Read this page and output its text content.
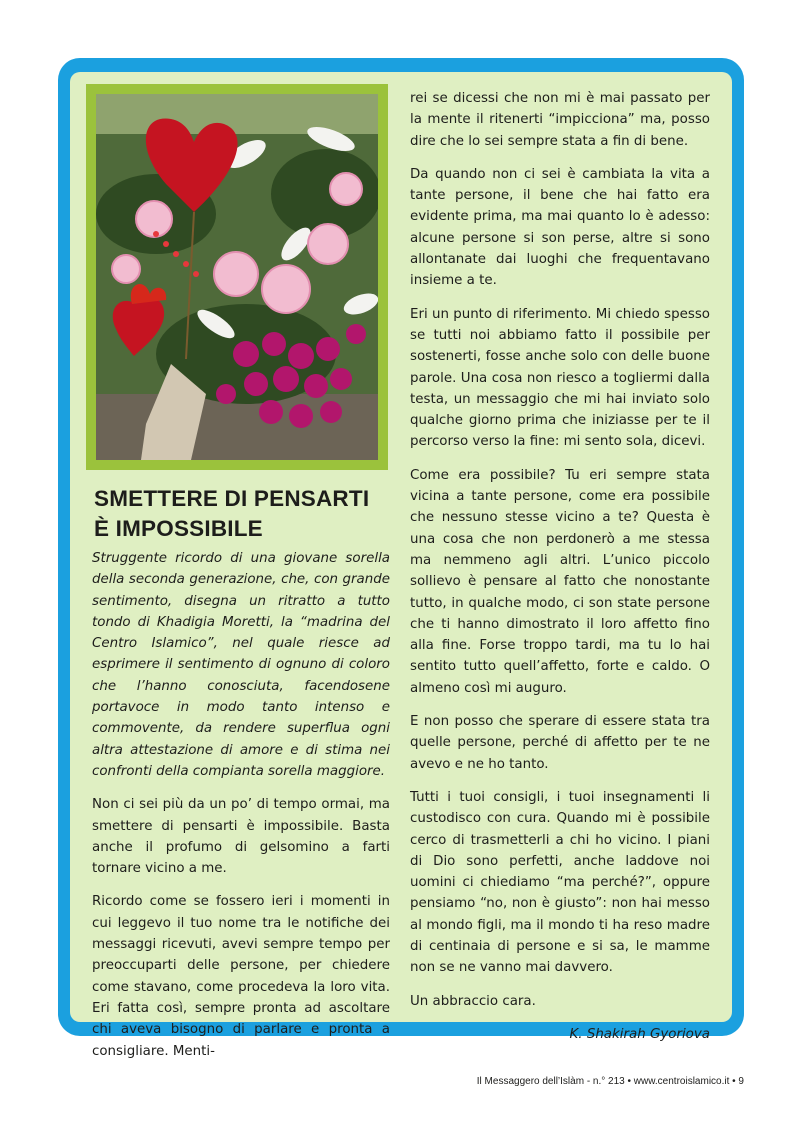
SMETTERE DI PENSARTI
È IMPOSSIBILE

Struggente ricordo di una giovane sorella della seconda generazione, che, con grande sentimento, disegna un ritratto a tutto tondo di Khadigia Moretti, la “madrina del Centro Islamico”, nel quale riesce ad esprimere il sentimento di ognuno di coloro che l’hanno conosciuta, facendosene portavoce in modo tanto intenso e commovente, da rendere superflua ogni altra attestazione di amore e di stima nei confronti della compianta sorella maggiore.

Non ci sei più da un po’ di tempo ormai, ma smettere di pensarti è impossibile. Basta anche il profumo di gelsomino a farti tornare vicino a me.

Ricordo come se fossero ieri i momenti in cui leggevo il tuo nome tra le notifiche dei messaggi ricevuti, avevi sempre tempo per preoccuparti delle persone, per chiedere come stavano, come procedeva la loro vita. Eri fatta così, sempre pronta ad ascoltare chi aveva bisogno di parlare e pronta a consigliare. Menti-

rei se dicessi che non mi è mai passato per la mente il ritenerti “impicciona” ma, posso dire che lo sei sempre stata a fin di bene.

Da quando non ci sei è cambiata la vita a tante persone, il bene che hai fatto era evidente prima, ma mai quanto lo è adesso: alcune persone si son perse, altre si sono allontanate dai luoghi che frequentavano insieme a te.

Eri un punto di riferimento. Mi chiedo spesso se tutti noi abbiamo fatto il possibile per sostenerti, fosse anche solo con delle buone parole. Una cosa non riesco a togliermi dalla testa, un messaggio che mi hai inviato solo qualche giorno prima che iniziasse per te il percorso verso la fine: mi sento sola, dicevi.

Come era possibile? Tu eri sempre stata vicina a tante persone, come era possibile che nessuno stesse vicino a te? Questa è una cosa che non perdonerò a me stessa ma nemmeno agli altri. L’unico piccolo sollievo è pensare al fatto che nonostante tutto, in qualche modo, ci son state persone che ti hanno dimostrato il loro affetto fino alla fine. Forse troppo tardi, ma tu lo hai sentito tutto quell’affetto, forte e caldo. O almeno così mi auguro.

E non posso che sperare di essere stata tra quelle persone, perché di affetto per te ne avevo e ne ho tanto.

Tutti i tuoi consigli, i tuoi insegnamenti li custodisco con cura. Quando mi è possibile cerco di trasmetterli a chi ho vicino. I piani di Dio sono perfetti, anche laddove noi uomini ci chiediamo “ma perché?”, oppure pensiamo “no, non è giusto”: non hai messo al mondo figli, ma il mondo ti ha reso madre di centinaia di persone e si sa, le mamme non se ne vanno mai davvero.

Un abbraccio cara.

K. Shakirah Gyoriova

Il Messaggero dell’Islàm - n.° 213 • www.centroislamico.it • 9
